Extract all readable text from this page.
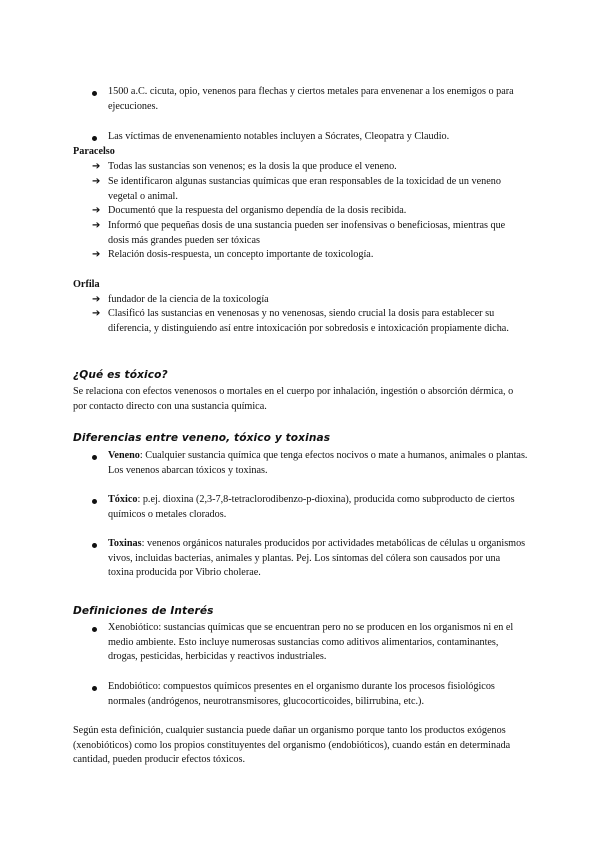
1500 a.C. cicuta, opio, venenos para flechas y ciertos metales para envenenar a los enemigos o para ejecuciones.

Las víctimas de envenenamiento notables incluyen a Sócrates, Cleopatra y Claudio.

Paracelso

➔ Todas las sustancias son venenos; es la dosis la que produce el veneno.

➔ Se identificaron algunas sustancias químicas que eran responsables de la toxicidad de un veneno vegetal o animal.

➔ Documentó que la respuesta del organismo dependía de la dosis recibida.

➔ Informó que pequeñas dosis de una sustancia pueden ser inofensivas o beneficiosas, mientras que dosis más grandes pueden ser tóxicas

➔ Relación dosis-respuesta, un concepto importante de toxicología.

Orfila

➔ fundador de la ciencia de la toxicología

➔ Clasificó las sustancias en venenosas y no venenosas, siendo crucial la dosis para establecer su diferencia, y distinguiendo así entre intoxicación por sobredosis e intoxicación propiamente dicha.

¿Qué es tóxico?

Se relaciona con efectos venenosos o mortales en el cuerpo por inhalación, ingestión o absorción dérmica, o por contacto directo con una sustancia química.

Diferencias entre veneno, tóxico y toxinas

Veneno: Cualquier sustancia química que tenga efectos nocivos o mate a humanos, animales o plantas. Los venenos abarcan tóxicos y toxinas.

Tóxico: p.ej. dioxina (2,3-7,8-tetraclorodibenzo-p-dioxina), producida como subproducto de ciertos químicos o metales clorados.

Toxinas: venenos orgánicos naturales producidos por actividades metabólicas de células u organismos vivos, incluidas bacterias, animales y plantas. Pej. Los síntomas del cólera son causados por una toxina producida por Vibrio cholerae.

Definiciones de Interés

Xenobiótico: sustancias químicas que se encuentran pero no se producen en los organismos ni en el medio ambiente. Esto incluye numerosas sustancias como aditivos alimentarios, contaminantes, drogas, pesticidas, herbicidas y reactivos industriales.

Endobiótico: compuestos químicos presentes en el organismo durante los procesos fisiológicos normales (andrógenos, neurotransmisores, glucocorticoides, bilirrubina, etc.).

Según esta definición, cualquier sustancia puede dañar un organismo porque tanto los productos exógenos (xenobióticos) como los propios constituyentes del organismo (endobióticos), cuando están en determinada cantidad, pueden producir efectos tóxicos.
